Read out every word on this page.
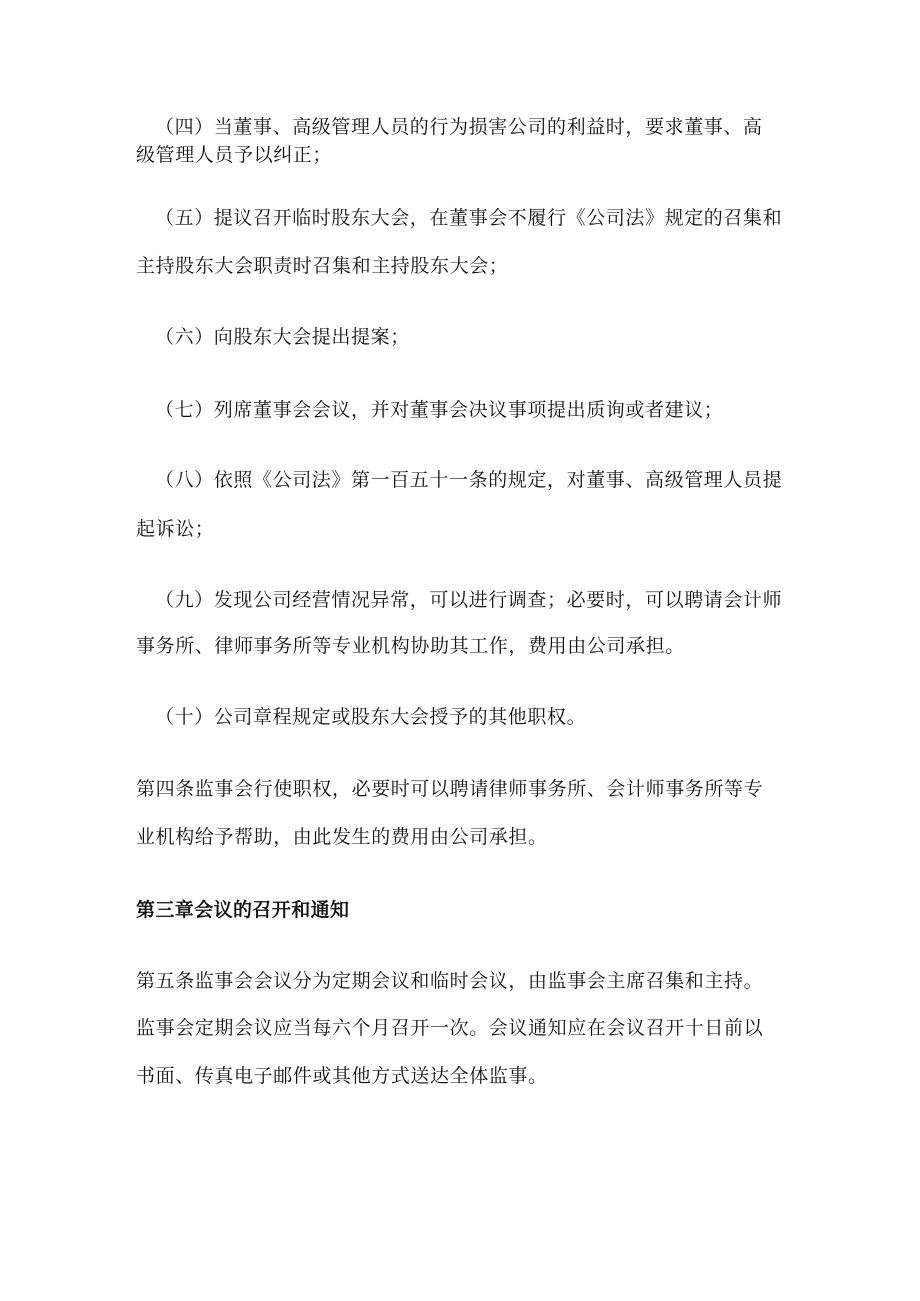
（四）当董事、高级管理人员的行为损害公司的利益时，要求董事、高
级管理人员予以纠正；
（五）提议召开临时股东大会，在董事会不履行《公司法》规定的召集和
主持股东大会职责时召集和主持股东大会；
（六）向股东大会提出提案；
（七）列席董事会会议，并对董事会决议事项提出质询或者建议；
（八）依照《公司法》第一百五十一条的规定，对董事、高级管理人员提
起诉讼；
（九）发现公司经营情况异常，可以进行调查；必要时，可以聘请会计师
事务所、律师事务所等专业机构协助其工作，费用由公司承担。
（十）公司章程规定或股东大会授予的其他职权。
第四条监事会行使职权，必要时可以聘请律师事务所、会计师事务所等专
业机构给予帮助，由此发生的费用由公司承担。
第三章会议的召开和通知
第五条监事会会议分为定期会议和临时会议，由监事会主席召集和主持。
监事会定期会议应当每六个月召开一次。会议通知应在会议召开十日前以
书面、传真电子邮件或其他方式送达全体监事。
